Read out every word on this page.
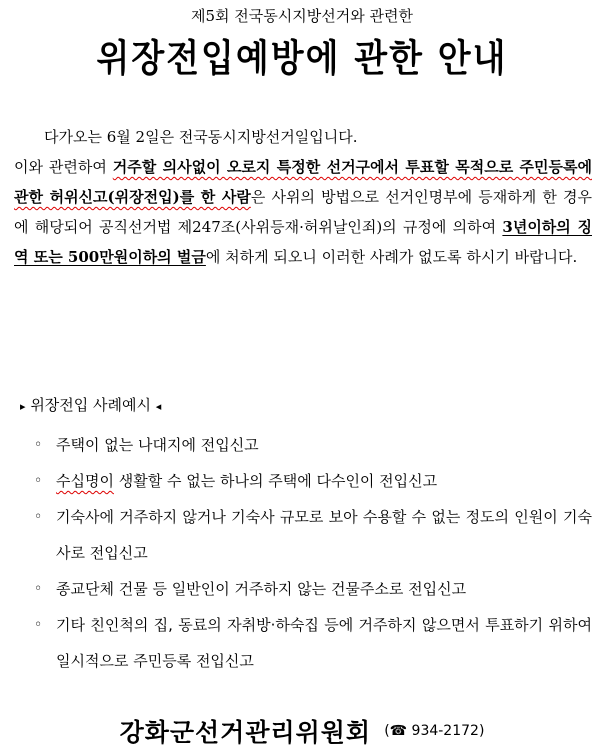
제5회 전국동시지방선거와 관련한
위장전입예방에 관한 안내
다가오는 6월 2일은 전국동시지방선거일입니다.
이와 관련하여 거주할 의사없이 오로지 특정한 선거구에서 투표할 목적으로 주민등록에 관한 허위신고(위장전입)를 한 사람은 사위의 방법으로 선거인명부에 등재하게 한 경우에 해당되어 공직선거법 제247조(사위등재·허위날인죄)의 규정에 의하여 3년이하의 징역 또는 500만원이하의 벌금에 처하게 되오니 이러한 사례가 없도록 하시기 바랍니다.
▸ 위장전입 사례예시 ◂
◦ 주택이 없는 나대지에 전입신고
◦ 수십명이 생활할 수 없는 하나의 주택에 다수인이 전입신고
◦ 기숙사에 거주하지 않거나 기숙사 규모로 보아 수용할 수 없는 정도의 인원이 기숙사로 전입신고
◦ 종교단체 건물 등 일반인이 거주하지 않는 건물주소로 전입신고
◦ 기타 친인척의 집, 동료의 자취방·하숙집 등에 거주하지 않으면서 투표하기 위하여 일시적으로 주민등록 전입신고
강화군선거관리위원회 (☎ 934-2172)
